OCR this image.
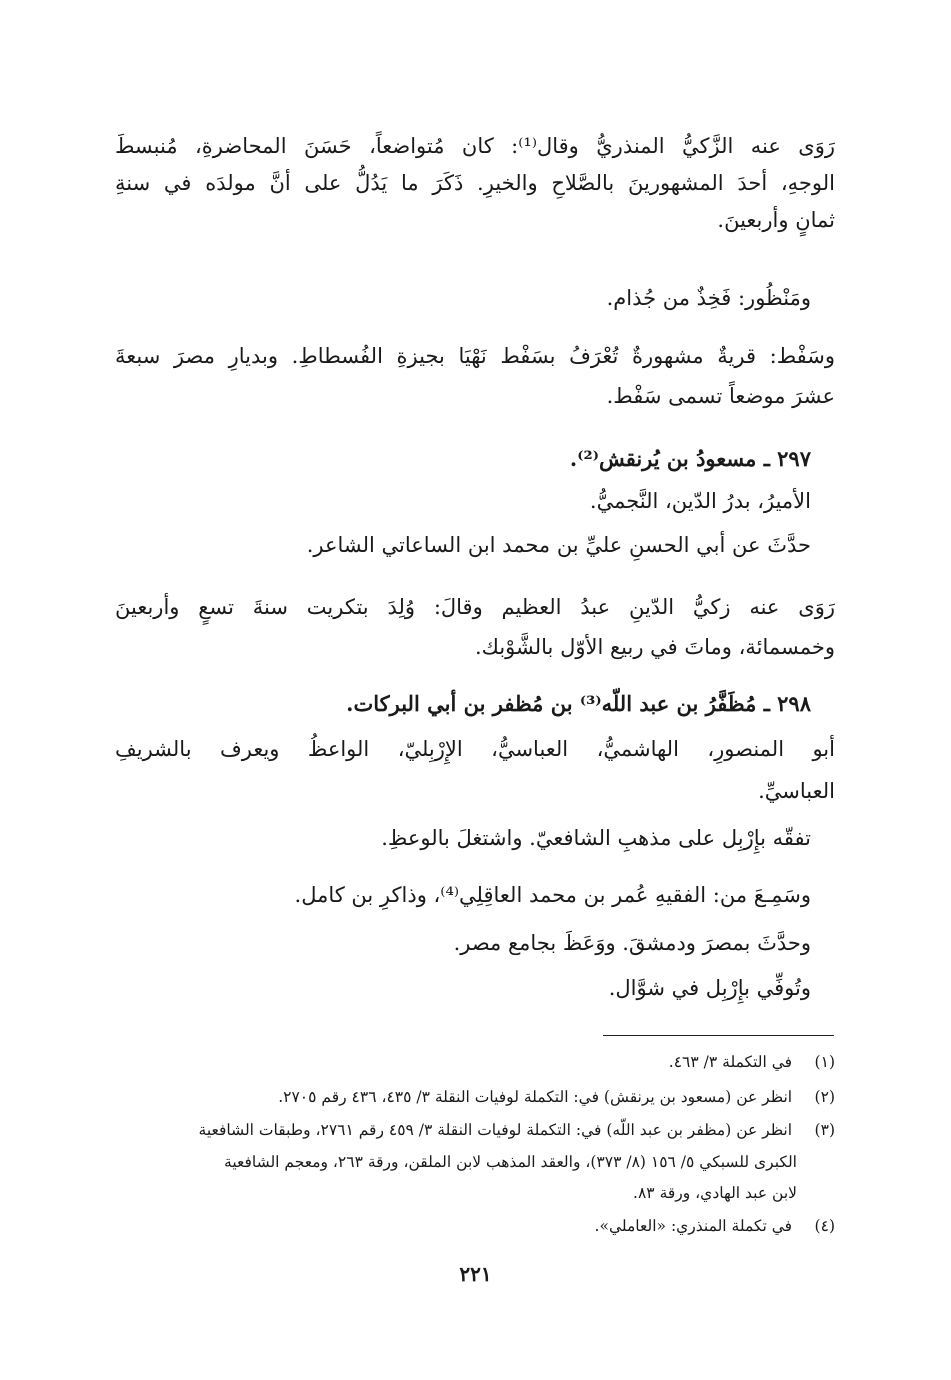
رَوَى عنه الزَّكيُّ المنذريُّ وقال⁽¹⁾: كان مُتواضعاً، حَسَنَ المحاضرةِ، مُنبسطَ
الوجهِ، أحدَ المشهورينَ بالصَّلاحِ والخيرِ. ذَكَرَ ما يَدُلُّ على أنَّ مولدَه في سنةِ
ثمانٍ وأربعينَ.
ومَنْظُور: فَخِذٌ من جُذام.
وسَفْط: قريةٌ مشهورةٌ تُعْرَفُ بسَفْط نَهْيَا بجيزةِ الفُسطاطِ. وبديارِ مصرَ سبعةَ
عشرَ موضعاً تسمى سَفْط.
٢٩٧ ـ مسعودُ بن يُرنقش⁽²⁾.
الأميرُ، بدرُ الدّين، النَّجميُّ.
حدَّثَ عن أبي الحسنِ عليِّ بن محمد ابن الساعاتي الشاعر.
رَوَى عنه زكيُّ الدّينِ عبدُ العظيم وقالَ: وُلِدَ بتكريت سنةَ تسعٍ وأربعينَ
وخمسمائة، وماتَ في ربيع الأوّل بالشَّوْبك.
٢٩٨ ـ مُظَفَّرُ بن عبد اللّه⁽³⁾ بن مُظفر بن أبي البركات.
أبو المنصورِ، الهاشميُّ، العباسيُّ، الإِرْبِليّ، الواعظُ ويعرف بالشريفِ
العباسيِّ.
تفقّه بإِرْبِل على مذهبِ الشافعيّ. واشتغلَ بالوعظِ.
وسَمِـعَ من: الفقيهِ عُمر بن محمد العاقِلِي⁽⁴⁾، وذاكرِ بن كامل.
وحدَّثَ بمصرَ ودمشقَ. ووَعَظَ بجامع مصر.
وتُوفِّي بإِرْبِل في شوَّال.
(١) في التكملة ٣/ ٤٦٣.
(٢) انظر عن (مسعود بن يرنقش) في: التكملة لوفيات النقلة ٣/ ٤٣٥، ٤٣٦ رقم ٢٧٠٥.
(٣) انظر عن (مظفر بن عبد اللّه) في: التكملة لوفيات النقلة ٣/ ٤٥٩ رقم ٢٧٦١، وطبقات الشافعية
الكبرى للسبكي ٥/ ١٥٦ (٨/ ٣٧٣)، والعقد المذهب لابن الملقن، ورقة ٢٦٣، ومعجم الشافعية
لابن عبد الهادي، ورقة ٨٣.
(٤) في تكملة المنذري: «العاملي».
٢٢١
